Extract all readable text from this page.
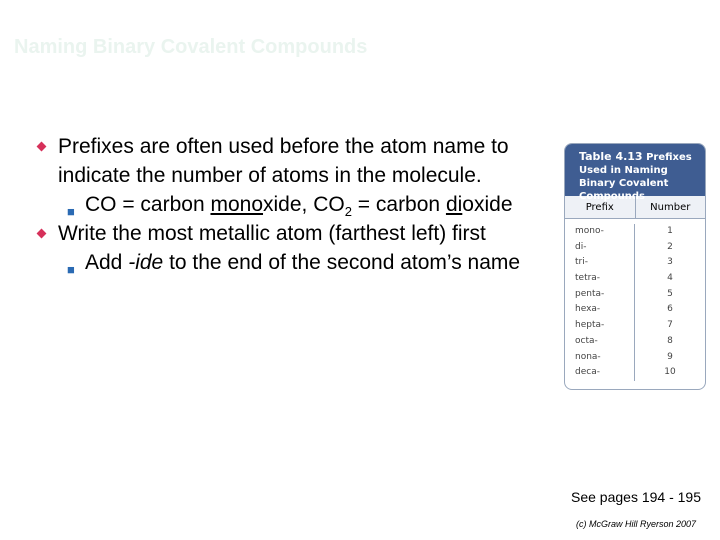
Naming Binary Covalent Compounds
Prefixes are often used before the atom name to indicate the number of atoms in the molecule.
■ CO = carbon monoxide, $CO_2$ = carbon dioxide
Write the most metallic atom (farthest left) first
■ Add -ide to the end of the second atom’s name
Table 4.13 Prefixes Used in Naming Binary Covalent Compounds
Prefix	Number
mono-
di-
tri-
tetra-
penta-
hexa-
hepta-
octa-
nona-
deca-
1
2
3
4
5
6
7
8
9
10
See pages 194 - 195
(c) McGraw Hill Ryerson 2007
